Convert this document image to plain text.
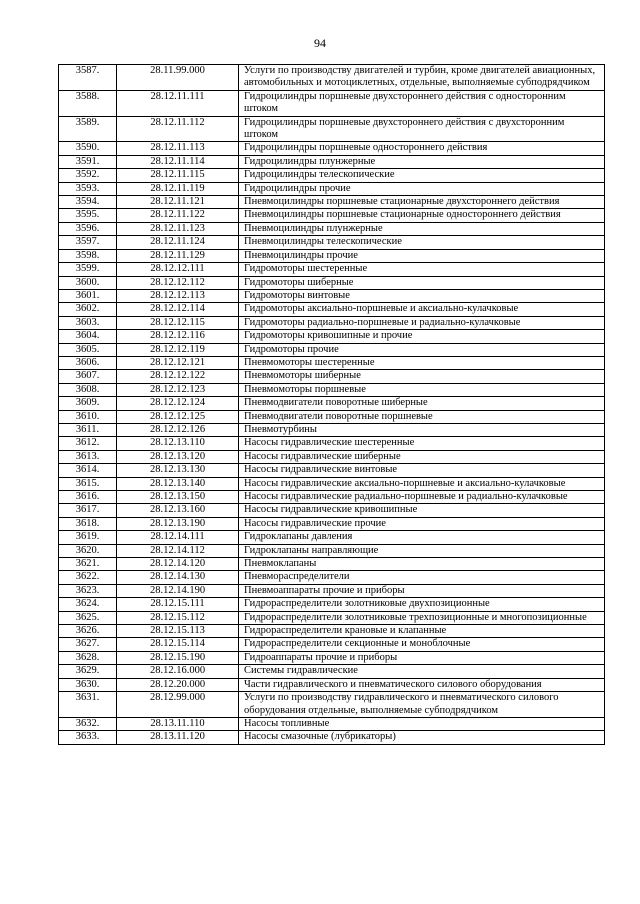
94
3587.	28.11.99.000	Услуги по производству двигателей и турбин, кроме двигателей авиационных, автомобильных и мотоциклетных, отдельные, выполняемые субподрядчиком
3588.	28.12.11.111	Гидроцилиндры поршневые двухстороннего действия с односторонним штоком
3589.	28.12.11.112	Гидроцилиндры поршневые двухстороннего действия с двухсторонним штоком
3590.	28.12.11.113	Гидроцилиндры поршневые одностороннего действия
3591.	28.12.11.114	Гидроцилиндры плунжерные
3592.	28.12.11.115	Гидроцилиндры телескопические
3593.	28.12.11.119	Гидроцилиндры прочие
3594.	28.12.11.121	Пневмоцилиндры поршневые стационарные двухстороннего действия
3595.	28.12.11.122	Пневмоцилиндры поршневые стационарные одностороннего действия
3596.	28.12.11.123	Пневмоцилиндры плунжерные
3597.	28.12.11.124	Пневмоцилиндры телескопические
3598.	28.12.11.129	Пневмоцилиндры прочие
3599.	28.12.12.111	Гидромоторы шестеренные
3600.	28.12.12.112	Гидромоторы шиберные
3601.	28.12.12.113	Гидромоторы винтовые
3602.	28.12.12.114	Гидромоторы аксиально-поршневые и аксиально-кулачковые
3603.	28.12.12.115	Гидромоторы радиально-поршневые и радиально-кулачковые
3604.	28.12.12.116	Гидромоторы кривошипные и прочие
3605.	28.12.12.119	Гидромоторы прочие
3606.	28.12.12.121	Пневмомоторы шестеренные
3607.	28.12.12.122	Пневмомоторы шиберные
3608.	28.12.12.123	Пневмомоторы поршневые
3609.	28.12.12.124	Пневмодвигатели поворотные шиберные
3610.	28.12.12.125	Пневмодвигатели поворотные поршневые
3611.	28.12.12.126	Пневмотурбины
3612.	28.12.13.110	Насосы гидравлические шестеренные
3613.	28.12.13.120	Насосы гидравлические шиберные
3614.	28.12.13.130	Насосы гидравлические винтовые
3615.	28.12.13.140	Насосы гидравлические аксиально-поршневые и аксиально-кулачковые
3616.	28.12.13.150	Насосы гидравлические радиально-поршневые и радиально-кулачковые
3617.	28.12.13.160	Насосы гидравлические кривошипные
3618.	28.12.13.190	Насосы гидравлические прочие
3619.	28.12.14.111	Гидроклапаны давления
3620.	28.12.14.112	Гидроклапаны направляющие
3621.	28.12.14.120	Пневмоклапаны
3622.	28.12.14.130	Пневмораспределители
3623.	28.12.14.190	Пневмоаппараты прочие и приборы
3624.	28.12.15.111	Гидрораспределители золотниковые двухпозиционные
3625.	28.12.15.112	Гидрораспределители золотниковые трехпозиционные и многопозиционные
3626.	28.12.15.113	Гидрораспределители крановые и клапанные
3627.	28.12.15.114	Гидрораспределители секционные и моноблочные
3628.	28.12.15.190	Гидроаппараты прочие и приборы
3629.	28.12.16.000	Системы гидравлические
3630.	28.12.20.000	Части гидравлического и пневматического силового оборудования
3631.	28.12.99.000	Услуги по производству гидравлического и пневматического силового оборудования отдельные, выполняемые субподрядчиком
3632.	28.13.11.110	Насосы топливные
3633.	28.13.11.120	Насосы смазочные (лубрикаторы)
